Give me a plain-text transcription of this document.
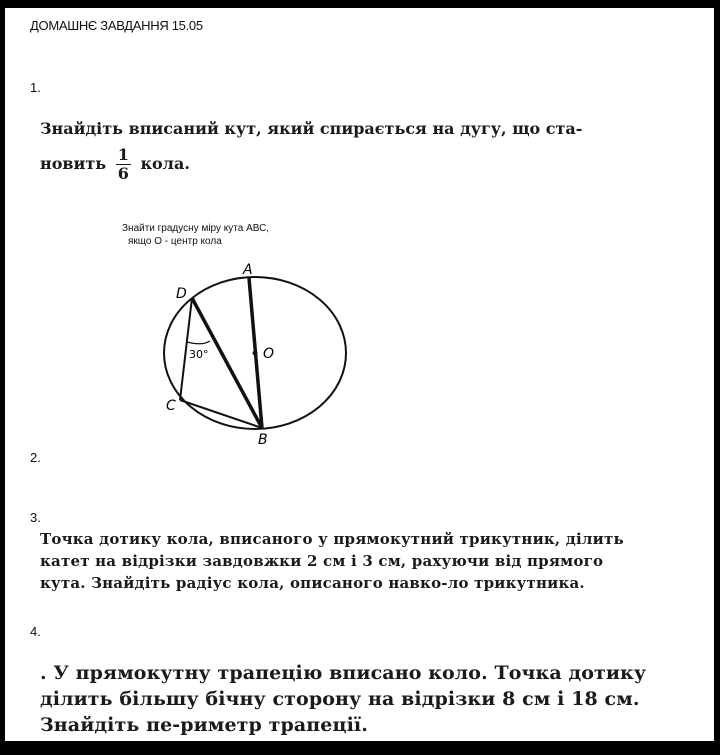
ДОМАШНЄ ЗАВДАННЯ 15.05
1.
Знайдіть вписаний кут, який спирається на дугу, що ста-
новить $\frac{1}{6}$ кола.
Знайти градусну міру кута АВС,
якщо О - центр кола
A
D
C
B
O
30°
2.
3.
Точка дотику кола, вписаного у прямокутний трикутник, ділить катет на відрізки завдовжки 2 см і 3 см, рахуючи від прямого кута. Знайдіть радіус кола, описаного навко-ло трикутника.
4.
. У прямокутну трапецію вписано коло. Точка дотику ділить більшу бічну сторону на відрізки 8 см і 18 см. Знайдіть пе-риметр трапеції.
